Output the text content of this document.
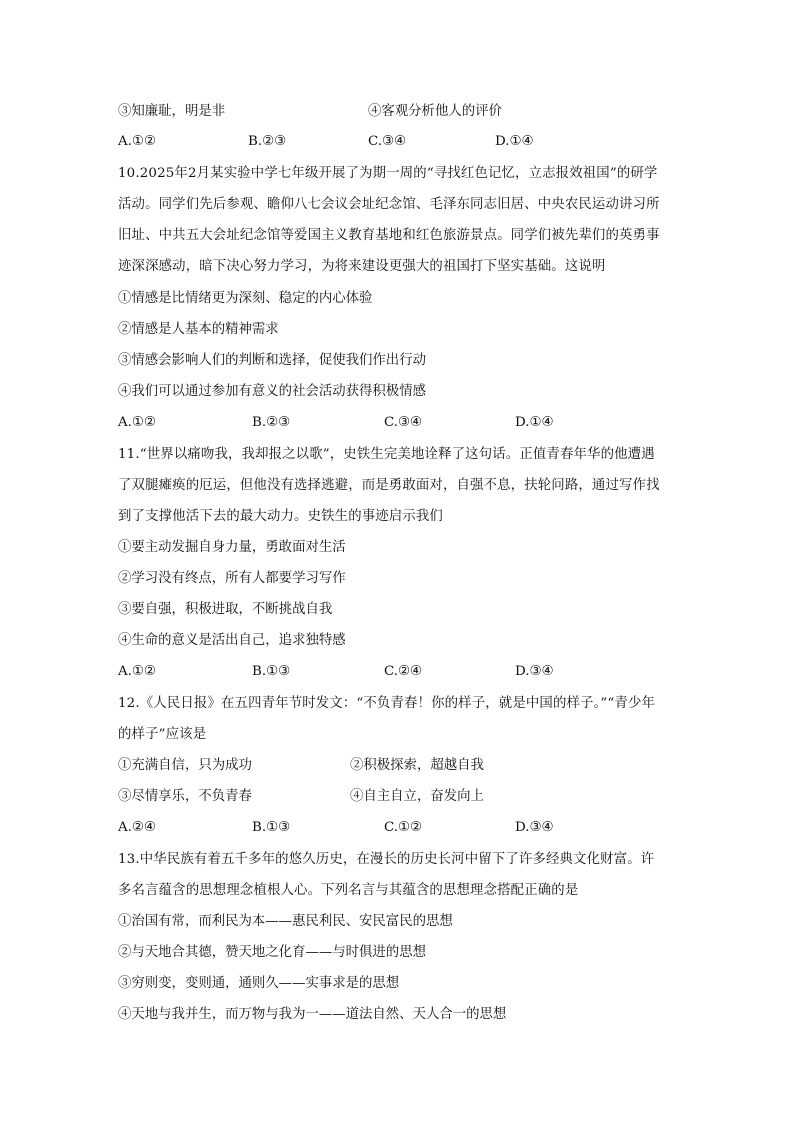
③知廉耻，明是非	④客观分析他人的评价
A.①②	B.②③	C.③④	D.①④
10.2025年2月某实验中学七年级开展了为期一周的“寻找红色记忆，立志报效祖国”的研学
活动。同学们先后参观、瞻仰八七会议会址纪念馆、毛泽东同志旧居、中央农民运动讲习所
旧址、中共五大会址纪念馆等爱国主义教育基地和红色旅游景点。同学们被先辈们的英勇事
迹深深感动，暗下决心努力学习，为将来建设更强大的祖国打下坚实基础。这说明
①情感是比情绪更为深刻、稳定的内心体验
②情感是人基本的精神需求
③情感会影响人们的判断和选择，促使我们作出行动
④我们可以通过参加有意义的社会活动获得积极情感
A.①②	B.②③	C.③④	D.①④
11.“世界以痛吻我，我却报之以歌”，史铁生完美地诠释了这句话。正值青春年华的他遭遇
了双腿瘫痪的厄运，但他没有选择逃避，而是勇敢面对，自强不息，扶轮问路，通过写作找
到了支撑他活下去的最大动力。史铁生的事迹启示我们
①要主动发掘自身力量，勇敢面对生活
②学习没有终点，所有人都要学习写作
③要自强，积极进取，不断挑战自我
④生命的意义是活出自己，追求独特感
A.①②	B.①③	C.②④	D.③④
12.《人民日报》在五四青年节时发文：“不负青春！你的样子，就是中国的样子。”“青少年
的样子”应该是
①充满自信，只为成功	②积极探索，超越自我
③尽情享乐，不负青春	④自主自立，奋发向上
A.②④	B.①③	C.①②	D.③④
13.中华民族有着五千多年的悠久历史，在漫长的历史长河中留下了许多经典文化财富。许
多名言蕴含的思想理念植根人心。下列名言与其蕴含的思想理念搭配正确的是
①治国有常，而利民为本——惠民利民、安民富民的思想
②与天地合其德，赞天地之化育——与时俱进的思想
③穷则变，变则通，通则久——实事求是的思想
④天地与我并生，而万物与我为一——道法自然、天人合一的思想
